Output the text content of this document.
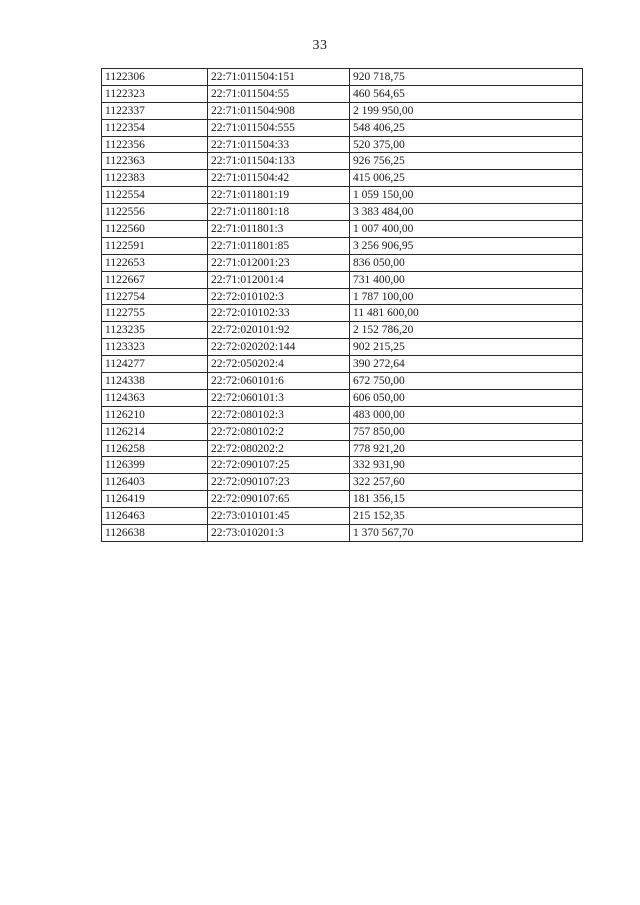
33
1122306	22:71:011504:151	920 718,75
1122323	22:71:011504:55	460 564,65
1122337	22:71:011504:908	2 199 950,00
1122354	22:71:011504:555	548 406,25
1122356	22:71:011504:33	520 375,00
1122363	22:71:011504:133	926 756,25
1122383	22:71:011504:42	415 006,25
1122554	22:71:011801:19	1 059 150,00
1122556	22:71:011801:18	3 383 484,00
1122560	22:71:011801:3	1 007 400,00
1122591	22:71:011801:85	3 256 906,95
1122653	22:71:012001:23	836 050,00
1122667	22:71:012001:4	731 400,00
1122754	22:72:010102:3	1 787 100,00
1122755	22:72:010102:33	11 481 600,00
1123235	22:72:020101:92	2 152 786,20
1123323	22:72:020202:144	902 215,25
1124277	22:72:050202:4	390 272,64
1124338	22:72:060101:6	672 750,00
1124363	22:72:060101:3	606 050,00
1126210	22:72:080102:3	483 000,00
1126214	22:72:080102:2	757 850,00
1126258	22:72:080202:2	778 921,20
1126399	22:72:090107:25	332 931,90
1126403	22:72:090107:23	322 257,60
1126419	22:72:090107:65	181 356,15
1126463	22:73:010101:45	215 152,35
1126638	22:73:010201:3	1 370 567,70
